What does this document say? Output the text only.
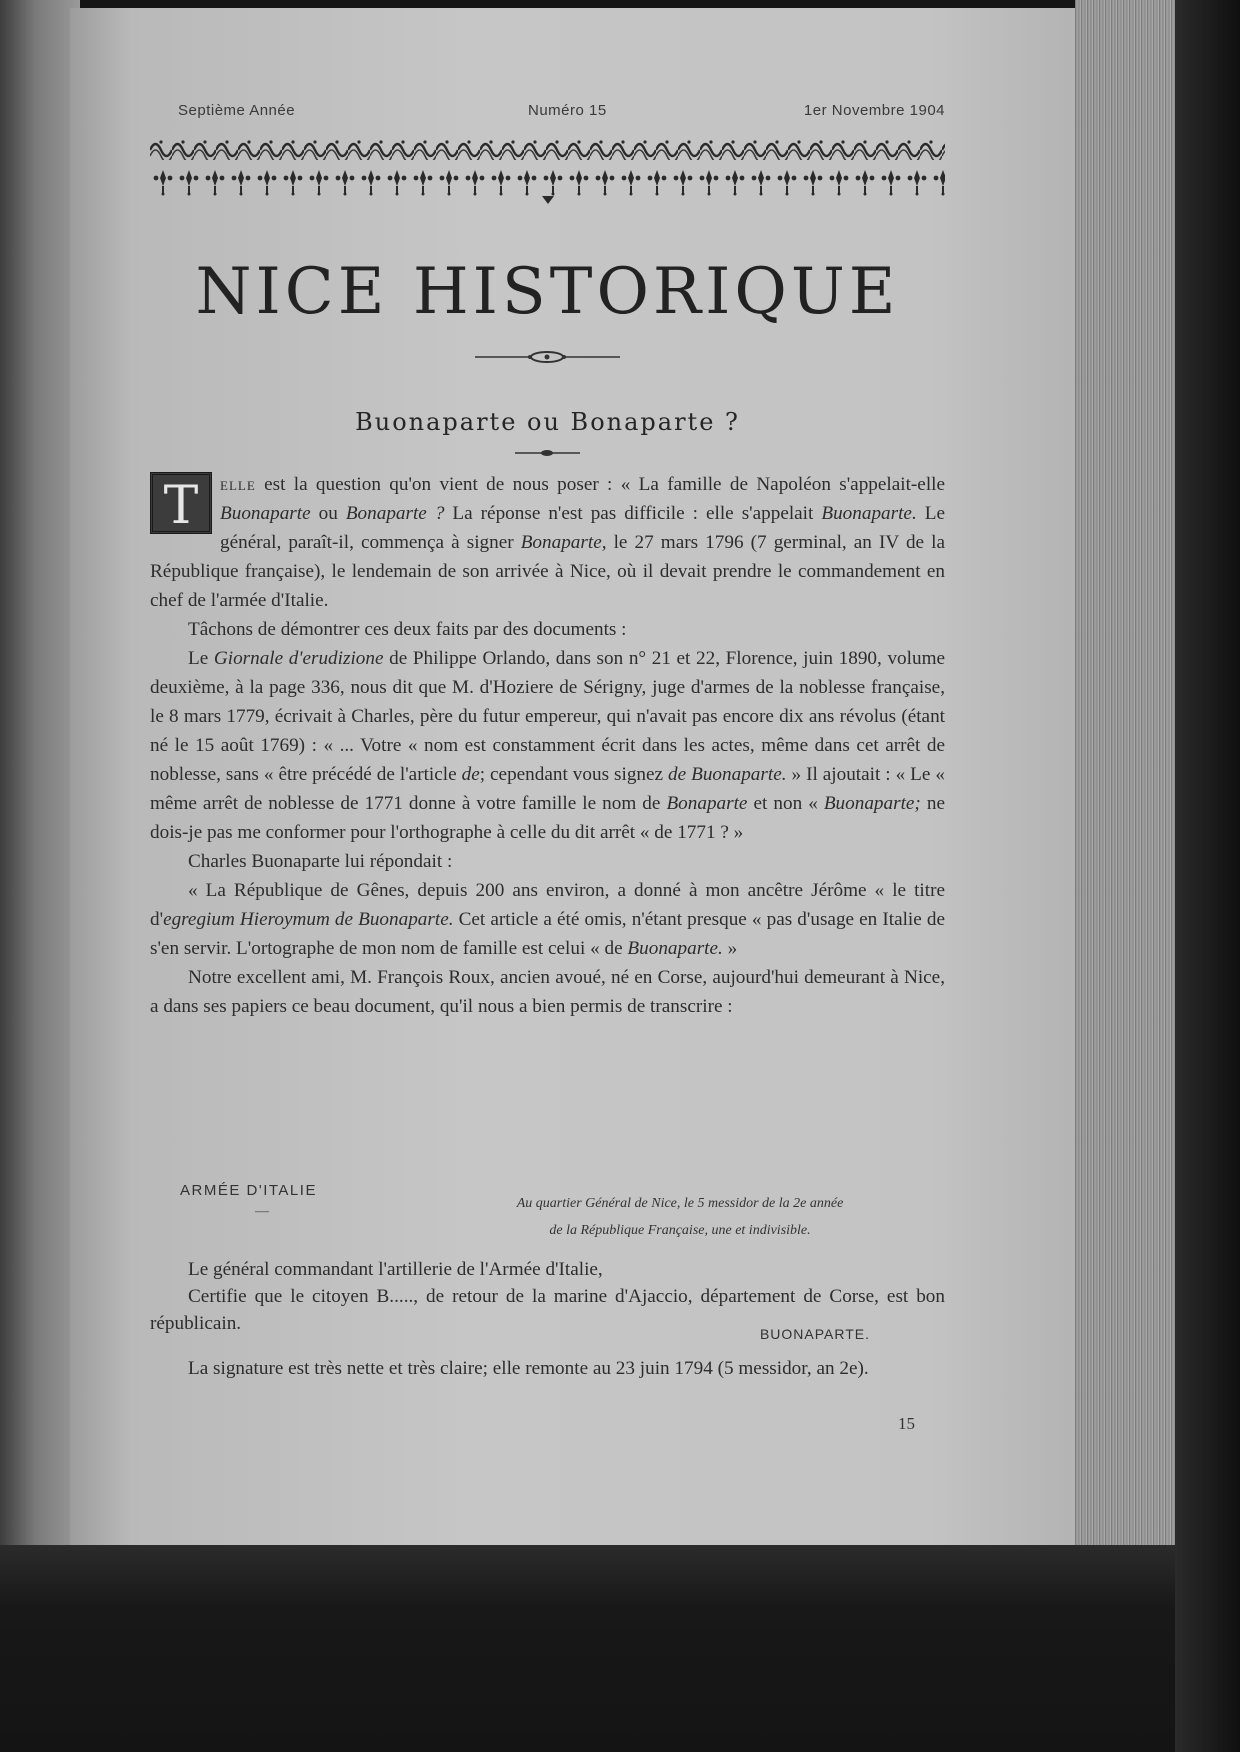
Septième Année	Numéro 15	1er Novembre 1904
NICE HISTORIQUE
Buonaparte ou Bonaparte ?

T	elle est la question qu'on vient de nous poser : « La famille de Napoléon s'appelait-elle Buonaparte ou Bonaparte ? La réponse n'est pas difficile : elle s'appelait Buonaparte. Le général, paraît-il, commença à signer Bonaparte, le 27 mars 1796 (7 germinal, an IV de la République française), le lendemain de son arrivée à Nice, où il devait prendre le commandement en chef de l'armée d'Italie.

Tâchons de démontrer ces deux faits par des documents :

Le Giornale d'erudizione de Philippe Orlando, dans son n° 21 et 22, Florence, juin 1890, volume deuxième, à la page 336, nous dit que M. d'Hoziere de Sérigny, juge d'armes de la noblesse française, le 8 mars 1779, écrivait à Charles, père du futur empereur, qui n'avait pas encore dix ans révolus (étant né le 15 août 1769) : « ... Votre « nom est constamment écrit dans les actes, même dans cet arrêt de noblesse, sans « être précédé de l'article de; cependant vous signez de Buonaparte. » Il ajoutait : « Le « même arrêt de noblesse de 1771 donne à votre famille le nom de Bonaparte et non « Buonaparte; ne dois-je pas me conformer pour l'orthographe à celle du dit arrêt « de 1771 ? »

Charles Buonaparte lui répondait :

« La République de Gênes, depuis 200 ans environ, a donné à mon ancêtre Jérôme « le titre d'egregium Hieroymum de Buonaparte. Cet article a été omis, n'étant presque « pas d'usage en Italie de s'en servir. L'ortographe de mon nom de famille est celui « de Buonaparte. »

Notre excellent ami, M. François Roux, ancien avoué, né en Corse, aujourd'hui demeurant à Nice, a dans ses papiers ce beau document, qu'il nous a bien permis de transcrire :

ARMÉE D'ITALIE
—
Au quartier Général de Nice, le 5 messidor de la 2e année
de la République Française, une et indivisible.

Le général commandant l'artillerie de l'Armée d'Italie,

Certifie que le citoyen B....., de retour de la marine d'Ajaccio, département de Corse, est bon républicain.	BUONAPARTE.

La signature est très nette et très claire; elle remonte au 23 juin 1794 (5 messidor, an 2e).

15
